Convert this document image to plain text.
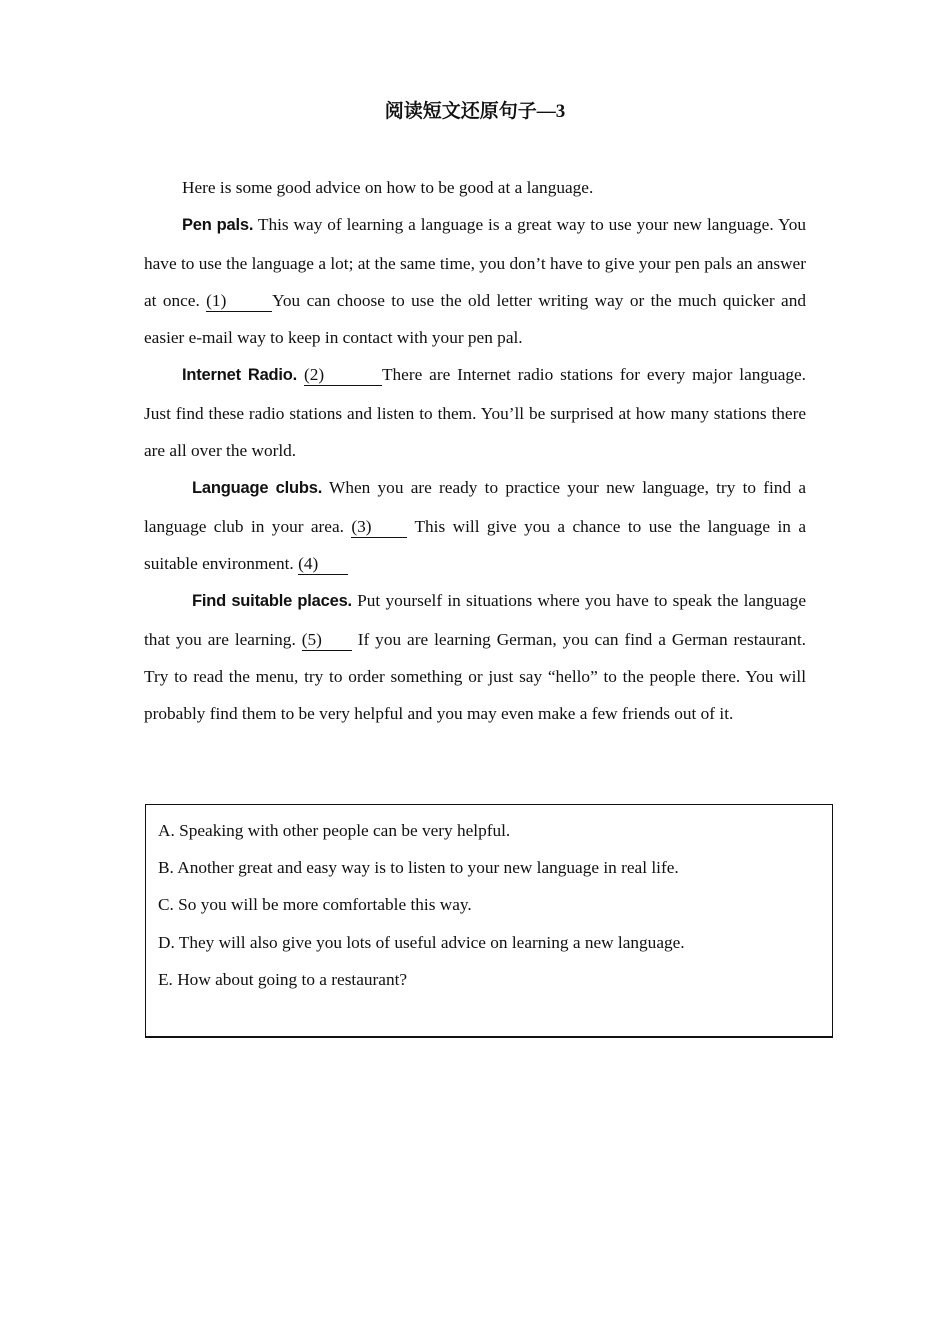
阅读短文还原句子—3

Here is some good advice on how to be good at a language.

Pen pals. This way of learning a language is a great way to use your new language. You have to use the language a lot; at the same time, you don’t have to give your pen pals an answer at once. (1)	You can choose to use the old letter writing way or the much quicker and easier e-mail way to keep in contact with your pen pal.

Internet Radio. (2)	There are Internet radio stations for every major language. Just find these radio stations and listen to them. You’ll be surprised at how many stations there are all over the world.

Language clubs. When you are ready to practice your new language, try to find a language club in your area. (3) This will give you a chance to use the language in a suitable environment. (4)

Find suitable places. Put yourself in situations where you have to speak the language that you are learning. (5) If you are learning German, you can find a German restaurant. Try to read the menu, try to order something or just say “hello” to the people there. You will probably find them to be very helpful and you may even make a few friends out of it.

A. Speaking with other people can be very helpful.

B. Another great and easy way is to listen to your new language in real life.

C. So you will be more comfortable this way.

D. They will also give you lots of useful advice on learning a new language.

E. How about going to a restaurant?
